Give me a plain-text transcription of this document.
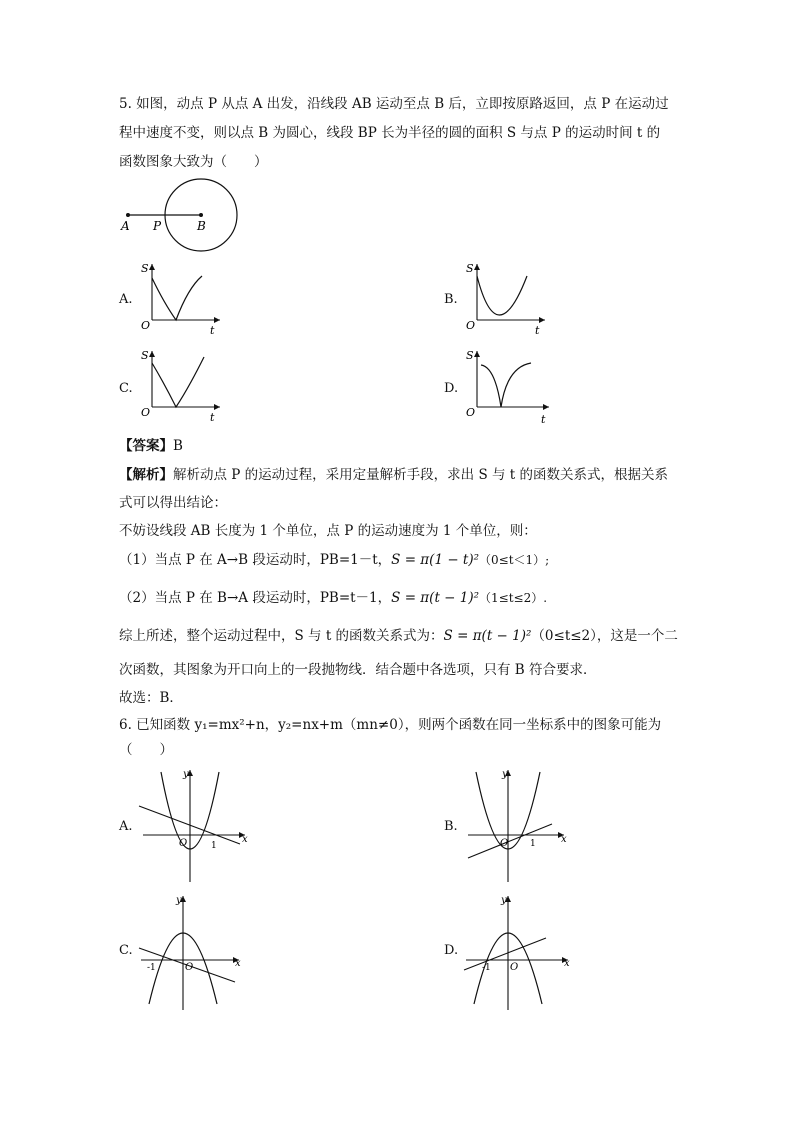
5. 如图，动点 P 从点 A 出发，沿线段 AB 运动至点 B 后，立即按原路返回，点 P 在运动过
程中速度不变，则以点 B 为圆心，线段 BP 长为半径的圆的面积 S 与点 P 的运动时间 t 的
函数图象大致为（　　）
A P	B
A.
S
O	t
B.
S
O	t
C.
S
O	t
D.
S
O
t
【答案】B
【解析】解析动点 P 的运动过程，采用定量解析手段，求出 S 与 t 的函数关系式，根据关系
式可以得出结论：
不妨设线段 AB 长度为 1 个单位，点 P 的运动速度为 1 个单位，则：
（1）当点 P 在 A→B 段运动时，PB=1－t，S = π(1 − t)²（0≤t＜1）;
（2）当点 P 在 B→A 段运动时，PB=t－1，S = π(t − 1)²（1≤t≤2）.
综上所述，整个运动过程中，S 与 t 的函数关系式为：S = π(t − 1)²（0≤t≤2），这是一个二
次函数，其图象为开口向上的一段抛物线．结合题中各选项，只有 B 符合要求．
故选：B．
6. 已知函数 y₁=mx²+n，y₂=nx+m（mn≠0），则两个函数在同一坐标系中的图象可能为
（　　）
A.
y
O	1
x
B.
y
O 1	x
C.
y
O
-1	x
D.
y
O
-1	x
